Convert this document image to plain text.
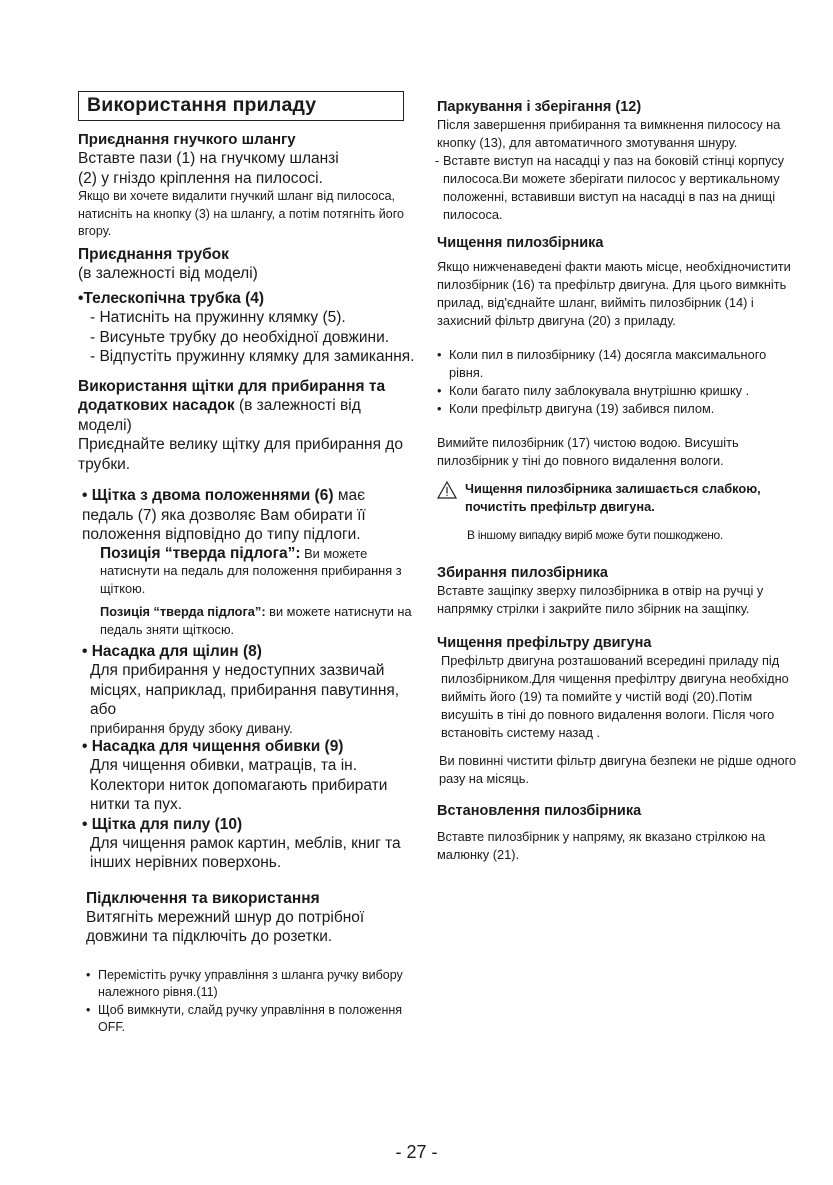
Використання приладу

Приєднання гнучкого шлангу

Вставте пази (1) на гнучкому шланзі

(2) у гніздо кріплення на пилососі.

Якщо ви хочете видалити гнучкий шланг від пилососа, натисніть на кнопку (3) на шлангу, а потім потягніть його вгору.

Приєднання трубок

(в залежності від моделі)

•Телескопічна трубка (4)

- Натисніть на пружинну клямку (5).

- Висуньте трубку до необхідної довжини.

- Відпустіть пружинну клямку для замикання.

Використання щітки для прибирання та додаткових насадок (в залежності від моделі)

Приєднайте велику щітку для прибирання до трубки.

• Щітка з двома положеннями (6) має педаль (7) яка дозволяє Вам обирати її положення відповідно до типу підлоги.

Позиція “тверда підлога”: Ви можете натиснути на педаль для положення прибирання з щіткою.

Позиція “тверда підлога”: ви можете натиснути на педаль зняти щіткосю.

• Насадка для щілин (8)

Для прибирання у недоступних зазвичай місцях, наприклад, прибирання павутиння, або

прибирання бруду збоку дивану.

• Насадка для чищення обивки (9)

Для чищення обивки, матраців, та ін. Колектори ниток допомагають прибирати нитки та пух.

• Щітка для пилу (10)

Для чищення рамок картин, меблів, книг та інших нерівних поверхонь.

Підключення та використання

Витягніть мережний шнур до потрібної довжини та підключіть до розетки.

• Перемістіть ручку управління з шланга ручку вибору належного рівня.(11)
• Щоб вимкнути, слайд ручку управління в положення OFF.

Паркування і зберігання (12)

Після завершення прибирання та вимкнення пилососу на кнопку (13), для автоматичного змотування шнуру.

- Вставте виступ на насадці у паз на боковій стінці корпусу пилососа.Ви можете зберігати пилосос у вертикальному положенні, вставивши виступ на насадці в паз на днищі пилососа.

Чищення пилозбірника

Якщо нижченаведені факти мають місце, необхідночистити пилозбірник (16) та префільтр двигуна. Для цього вимкніть прилад, від'єднайте шланг, вийміть пилозбірник (14) і захисний фільтр двигуна (20) з приладу.

• Коли пил в пилозбірнику (14) досягла максимального рівня.
• Коли багато пилу заблокувала внутрішню кришку .
• Коли префільтр двигуна (19) забився пилом.

Вимийте пилозбірник (17) чистою водою. Висушіть пилозбірник у тіні до повного видалення вологи.

Чищення пилозбірника залишається слабкою, почистіть префільтр двигуна.

В іншому випадку виріб може бути пошкоджено.

Збирання пилозбірника

Вставте защіпку зверху пилозбірника в отвір на ручці у напрямку стрілки і закрийте пило збірник на защіпку.

Чищення префільтру двигуна

Префільтр двигуна розташований всередині приладу під пилозбірником.Для чищення префілтру двигуна необхідно вийміть його (19) та помийте у чистій воді (20).Потім висушіть в тіні до повного видалення вологи. Після чого встановіть систему назад .

Ви повинні чистити фільтр двигуна безпеки не рідше одного разу на місяць.

Встановлення пилозбірника

Вставте пилозбірник у напряму, як вказано стрілкою на малюнку (21).

- 27 -
